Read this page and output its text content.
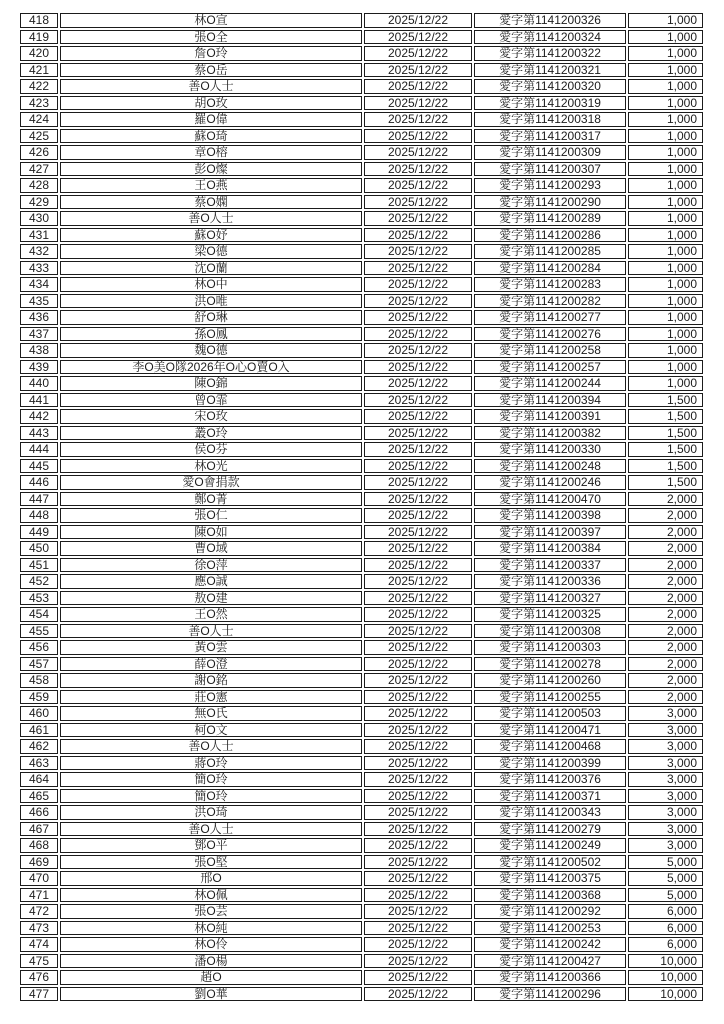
418	林O宣	2025/12/22	愛字第1141200326	1,000
419	張O全	2025/12/22	愛字第1141200324	1,000
420	詹O玲	2025/12/22	愛字第1141200322	1,000
421	蔡O岳	2025/12/22	愛字第1141200321	1,000
422	善O人士	2025/12/22	愛字第1141200320	1,000
423	胡O玫	2025/12/22	愛字第1141200319	1,000
424	羅O偉	2025/12/22	愛字第1141200318	1,000
425	蘇O琦	2025/12/22	愛字第1141200317	1,000
426	章O榕	2025/12/22	愛字第1141200309	1,000
427	彭O燦	2025/12/22	愛字第1141200307	1,000
428	王O燕	2025/12/22	愛字第1141200293	1,000
429	蔡O嫻	2025/12/22	愛字第1141200290	1,000
430	善O人士	2025/12/22	愛字第1141200289	1,000
431	蘇O妤	2025/12/22	愛字第1141200286	1,000
432	梁O德	2025/12/22	愛字第1141200285	1,000
433	沈O蘭	2025/12/22	愛字第1141200284	1,000
434	林O中	2025/12/22	愛字第1141200283	1,000
435	洪O唯	2025/12/22	愛字第1141200282	1,000
436	舒O琳	2025/12/22	愛字第1141200277	1,000
437	孫O鳳	2025/12/22	愛字第1141200276	1,000
438	魏O德	2025/12/22	愛字第1141200258	1,000
439	李O美O隊2026年O心O賣O入	2025/12/22	愛字第1141200257	1,000
440	陳O錦	2025/12/22	愛字第1141200244	1,000
441	曾O霏	2025/12/22	愛字第1141200394	1,500
442	宋O玫	2025/12/22	愛字第1141200391	1,500
443	叢O玲	2025/12/22	愛字第1141200382	1,500
444	侯O芬	2025/12/22	愛字第1141200330	1,500
445	林O光	2025/12/22	愛字第1141200248	1,500
446	愛O會捐款	2025/12/22	愛字第1141200246	1,500
447	鄭O菁	2025/12/22	愛字第1141200470	2,000
448	張O仁	2025/12/22	愛字第1141200398	2,000
449	陳O如	2025/12/22	愛字第1141200397	2,000
450	曹O域	2025/12/22	愛字第1141200384	2,000
451	徐O萍	2025/12/22	愛字第1141200337	2,000
452	應O誠	2025/12/22	愛字第1141200336	2,000
453	敖O建	2025/12/22	愛字第1141200327	2,000
454	王O然	2025/12/22	愛字第1141200325	2,000
455	善O人士	2025/12/22	愛字第1141200308	2,000
456	黃O雲	2025/12/22	愛字第1141200303	2,000
457	薛O澄	2025/12/22	愛字第1141200278	2,000
458	謝O銘	2025/12/22	愛字第1141200260	2,000
459	莊O憲	2025/12/22	愛字第1141200255	2,000
460	無O氏	2025/12/22	愛字第1141200503	3,000
461	柯O文	2025/12/22	愛字第1141200471	3,000
462	善O人士	2025/12/22	愛字第1141200468	3,000
463	蔣O玲	2025/12/22	愛字第1141200399	3,000
464	簡O玲	2025/12/22	愛字第1141200376	3,000
465	簡O玲	2025/12/22	愛字第1141200371	3,000
466	洪O琦	2025/12/22	愛字第1141200343	3,000
467	善O人士	2025/12/22	愛字第1141200279	3,000
468	鄧O平	2025/12/22	愛字第1141200249	3,000
469	張O堅	2025/12/22	愛字第1141200502	5,000
470	邢O	2025/12/22	愛字第1141200375	5,000
471	林O佩	2025/12/22	愛字第1141200368	5,000
472	張O芸	2025/12/22	愛字第1141200292	6,000
473	林O純	2025/12/22	愛字第1141200253	6,000
474	林O伶	2025/12/22	愛字第1141200242	6,000
475	潘O楊	2025/12/22	愛字第1141200427	10,000
476	趙O	2025/12/22	愛字第1141200366	10,000
477	劉O華	2025/12/22	愛字第1141200296	10,000
